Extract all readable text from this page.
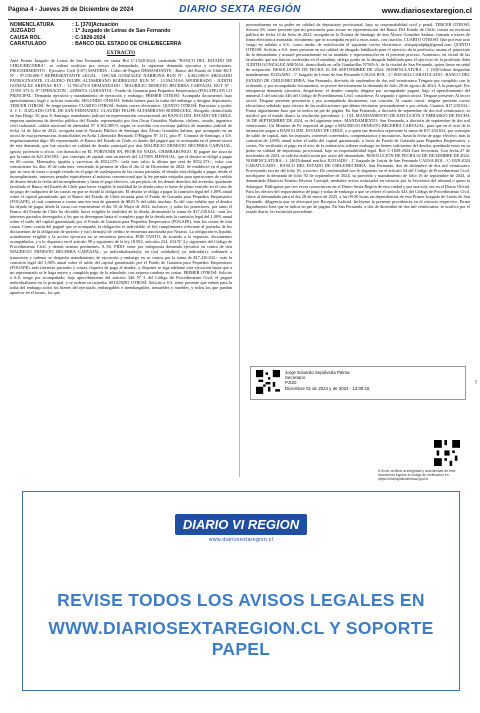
Página 4 - Jueves 26 de Diciembre de 2024	DIARIO SEXTA REGIÓN	www.diariosextaregion.cl
NOMENCLATURA	: 1. [370]Actuación
JUZGADO	: 1º Juzgado de Letras de San Fernando
CAUSA ROL	: C-1828-2024
CARATULADO	: BANCO DEL ESTADO DE CHILE/BECERRA
EXTRACTO

Ante Primer Juzgado de Letras de San Fernando, en causa Rol C-1.828-2024, caratulada "BANCO DEL ESTADO DE CHILE/BECERRA", se ordenó notificar por avisos el demandado, la siguiente demanda ejecutiva y resoluciones. PROCEDIMIENTO : Ejecutivo Civil (C07) MATERIA : Cobro de Pagaré DEMANDANTE : Banco del Estado de Chile RUT Nº : 97.030.000-7 REPRESENTANTE LEGAL : OSCAR GONZALEZ NARBONA RUN Nº : 6.362.085-9 ABOGADO PATROCINANTE: CLAUDIO FELIPE ALTAMIRANO RODRIGUEZ RUN Nº : 13.594.510-6 APODERADO : JUDITH GONZALEZ ARENAS RUT : 11.780.473-9 DEMANDADO : MAURICIO ERNESTO BECERRA CARVAJAL RUT Nº : 15.991.372-5; Nº OPERACION : 24396074. GARANTIA : Fondo de Garantía para Pequeños Empresarios (FOGAPE) EN LO PRINCIPAL: Demanda ejecutiva y mandamiento de ejecución y embargo; PRIMER OTROSÍ: Acompaña documentos bajo apercibimiento legal y solicita custodia; SEGUNDO OTROSÍ: Señala bienes para la traba del embargo y designa depositario; TERCER OTROSÍ: Se tenga presente; CUARTO OTROSÍ: Señala correo electrónico; QUINTO OTROSÍ: Patrocinio y poder. S. J. L. JUZGADO CIVIL DE SAN FERNANDO. CLAUDIO FELIPE ALTAMIRANO RODRIGUEZ, Abogado, domiciliado en San Diego 30, piso 8, Santiago, mandatario judicial en representación convencional del BANCO DEL ESTADO DE CHILE, empresa autónoma de derecho público del Estado, representado por don Oscar González Narbona, chileno, casado, ingeniero civil industrial, cédula nacional de identidad Nº 6.362.085-9, según se acredita con escritura pública de mandato judicial de fecha 14 de Julio de 2022, otorgada ante el Notario Público de Santiago don Álvaro González Salinas, que acompaño en un otrosí de esta presentación, domiciliados en Avda. Libertador Bernardo O'Higgins Nº 1111, piso 8º, Comuna de Santiago, a US. respetuosamente digo: Mi representado, el Banco del Estado de Chile, es dueño del pagaré que se acompaña en el primer otrosí de esta demanda, que fue suscrito en calidad de deudor principal por don MAURICIO ERNESTO BECERRA CARVAJAL, ignoro profesión u oficio, con domicilio en EL PORVENIR SN, PEOR ES NADA, CHIMBARONGO. El pagaré fue suscrito por la suma de $21.200.593.-, por concepto de capital, más un interés del 1,4700% MENSUAL, que el deudor se obligó a pagar en 60 cuotas. Mensuales, iguales y sucesivas de $552.075.- cada una, salvo la última que será de $552.373.-, valor con vencimiento los días 10 de cada mes, venciendo la primera de ellas el día 12 de Diciembre de 2022. Se estableció en el pagaré que en caso de mora o simple retardo en el pago de cualesquiera de las cuotas pactadas, el deudor está obligado a pagar, desde el incumplimiento, intereses penales equivalentes al máximo convencional que la ley permita estipular para operaciones de crédito de dinero desde la fecha del incumplimiento y hasta el pago efectivo, sin perjuicio de los demás derechos del acreedor, quedando facultado el Banco del Estado de Chile para hacer exigible la totalidad de la deuda como si fuese de plazo vencido en el caso de no pago de cualquiera de las cuotas en que se divide la obligación. El deudor se obliga a pagar la comisión legal del 1,00% anual sobre el capital garantizado que el Banco del Estado de Chile recauda para el Fondo de Garantía para Pequeños Empresarios (FOGAPE), el cual comienza a contar una vez tasa de garantía de $820 % del saldo insoluto. Es del caso señalar que el deudor ha dejado de pagar desde la cuota con vencimiento el día 10 de Mayo de 2024, inclusive, y todas las posteriores, por tanto el Banco del Estado de Chile ha decidido hacer exigible la totalidad de la deuda, alcanzando la suma de $17.230.632.- más los intereses pactados devengados y los que se devenguen hasta el completo pago de la deuda más la comisión legal del 1,00% anual sobre el saldo del capital garantizado por el Fondo de Garantía para Pequeños Empresarios (FOGAPE), más las costas de esta causa. Como consta del pagaré que se acompaña, la obligación es indivisible, el fiel cumplimiento relevante al portador de los documentos de la obligación de protesto y (sic) firma(s) de crédito se encuentra autorizada por Notario. La obligación es líquida, actualmente exigible y la acción ejecutiva no se encuentra prescrita. POR TANTO, de acuerdo a lo expuesto, documentos acompañados, y a lo dispuesto en el artículo 98 y siguientes de la ley 18.092, artículos 234, 434 Nº 4 y siguientes del Código de Procedimiento Civil, y demás normas pertinentes. A SS. PIDO: tener por interpuesta demanda ejecutiva en contra de don MAURICIO ERNESTO BECERRA CARVAJAL, ya individualizado(s), en (su) calidad(es) ya indicada(s), ordenarle a trasmisión y ordenar se despache mandamiento de ejecución y embargo en su contra por la suma de $17.230.632.-, más la comisión legal del 1,00% anual sobre el saldo del capital garantizado por el Fondo de Garantía para Pequeños Empresarios (FOGAPE), más intereses pactados y costas, requerir de pago al deudor, y disponer se siga adelante esta ejecución hasta que a mi representado se le haga entero y cumplido pago de lo adeudado, con expresa condena en costas. PRIMER OTROSÍ: Solicito a S.S. tenga por acompañado, bajo apercibimiento del artículo 346 Nº 3 del Código de Procedimiento Civil, el pagaré individualizado en lo principal, y se ordene su custodia. SEGUNDO OTROSÍ: Solicito a S.S. tener presente que señalo para la traba del embargo todos los bienes del ejecutado, embargables e inembargables, inmuebles y muebles, y todos los que puedan aparecer en el futuro, los que

personalmente en su poder en calidad de depositario provisional, bajo su responsabilidad civil y penal. TERCER OTROSÍ: Sírvase SS. tener presente que mi personería para actuar en representación del Banco Del Estado de Chile, consta en escritura pública de fecha 14 de Julio de 2022, otorgada en la Notaría de Santiago de don Álvaro González Salinas, firmada a través de firma electrónica avanzada, documento que se acompaña en pdf a estos autos, con citación. CUARTO OTROSÍ: Que por este acto vengo en señalar a S.S., como medio de notificación el siguiente correo electrónico: altequijudiphp@gmail.com QUINTO OTROSÍ: Solicito a S.S. tener presente en mi calidad de abogado habilitado para el ejercicio de la profesión, asumo el patrocinio de la demandante y actuaré personalmente en su mandato y representación en el presente proceso. Asimismo, en virtud de las facultades que me fueron conferidas en el mandato, delego poder en la abogada habilitada para el ejercicio de la profesión doña JUDITH GONZALEZ ARENAS, domiciliada en calle Gandarillas Nº565-A, de la ciudad de San Fernando, quien firma en señal de aceptación. RESOLUCIÓN DE FECHA 16 DE SEPTIEMBRE DE 2024: NOMENCLATURA : 1. [63]Ordena despachar mandamiento JUZGADO : 1º Juzgado de Letras de San Fernando CAUSA ROL : C-1828-2024 CARATULADO : BANCO DEL ESTADO DE CHILE/BECERRA. San Fernando, dieciséis de septiembre de dos mil veinticuatro Téngase por cumplido con lo ordenado, y por acompañado documentos, se provee derechamente la demanda de folio 28 de agosto de 2024. A lo principal: Por interpuesta demanda ejecutiva, despáchese, el deudor cumpla; téngase por acompañado pagaré, bajo el apercibimiento del numeral 3 del artículo 346 del Código de Procedimiento Civil, custodiese; Al segundo y quinto otrosí: Téngase presente; Al tercer otrosí: Téngase presente personería y por acompañado documento, con citación; Al cuarto otrosí: téngase presente correo electrónico señalado para efectos de las notificaciones que deban efectuarse personalmente o por cédula. Cuantía: $17.230.632.- Firma digitalmente Juez que se indica en pie de página. En San Fernando, a dieciséis de septiembre de dos mil veinticuatro, se notificó por el estado diario, la resolución precedente. [...] EL MANDAMIENTO DE EJECUCIÓN Y EMBARGO DE FECHA 16 DE SEPTIEMBRE DE 2024, es del siguiente tenor: MANDAMIENTO: San Fernando, a dieciséis de septiembre de dos mil veinticuatro. Un Ministro de Fe requerirá de pago a MAURICIO ERNESTO BECERRA CARVAJAL, para que en el acto de la intimación pague a BANCO DEL ESTADO DE CHILE, o a quien sus derechos represente la suma de $17.230.632, por concepto de saldo de capital, más los reajustes, intereses convenidos, compensatorios y moratorios, hasta la fecha de pago efectivo, más la comisión de 1,00% anual sobre el saldo del capital garantizado, a favor de Fondo de Garantía para Pequeños Empresarios, y costas. No verificado el pago en el acto de la intimación, trábese embargo en bienes suficientes del deudor, quedando estos en su poder en calidad de depositario provisional, bajo su responsabilidad legal. Rol: C-1828-2024 Juez Secretaria. Con fecha 27 de noviembre de 2024, se solicita notificación por aviso del demandado. RESOLUCIÓN DE FECHA 02 DE DICIEMBRE DE 2024: NOMENCLATURA : 1. [40]Tribunal notificó JUZGADO : 1º Juzgado de Letras de San Fernando CAUSA ROL : C-1828-2024 CARATULADO : BANCO DEL ESTADO DE CHILE/BECERRA. San Fernando, dos de diciembre de dos mil veinticuatro Proveyendo escrito del folio 16, a escrito: De conformidad con lo dispuesto en el artículo 54 del Código de Procedimiento Civil, notifíquese la demanda de folio 92 de septiembre de 2024, su proveído y mandamiento de folio 16 de septiembre de 2024, al demandado Mauricio Ernesto Becerra Carvajal, mediante avisos redactados en extracto por la Secretaría del tribunal o quien la Subrogue. Publíquese por tres veces consecutivas en el Diario Sexta Región de esta ciudad y por una sola vez en el Diario Oficial. Para los efectos del requerimiento de pago y traba de embargo a que se refiere el artículo 443 del Código de Procedimiento Civil, cítese al demandado para el día 28 de enero de 2025, a las 09:30 horas en dependencias de este Primer Juzgado de Letras de San Fernando, diligencia que se efectuará por Receptor Judicial. Inclúyase la presente providencia en el extracto respectivo. Firma digitalmente Juez que se indica en pie de página. En San Fernando, a dos de diciembre de dos mil veinticuatro, se notificó por el estado diario, la resolución precedente.

Jorge Eduardo Sepúlveda Palma
Secretario
PJUD
Diciembre 02 de 2024 y de 2024 - 13:09:15
A fin de verificar la integridad y autenticidad de este documento ingrese el código de verificación en https://oficinajudicialvirtual.pjud.cl
•••
DIARIO VI REGION
www.diariosextaregion.cl
REVISE TODOS LOS AVISOS LEGALES EN
WWW.DIARIOSEXTAREGION.CL Y SOPORTE PAPEL
